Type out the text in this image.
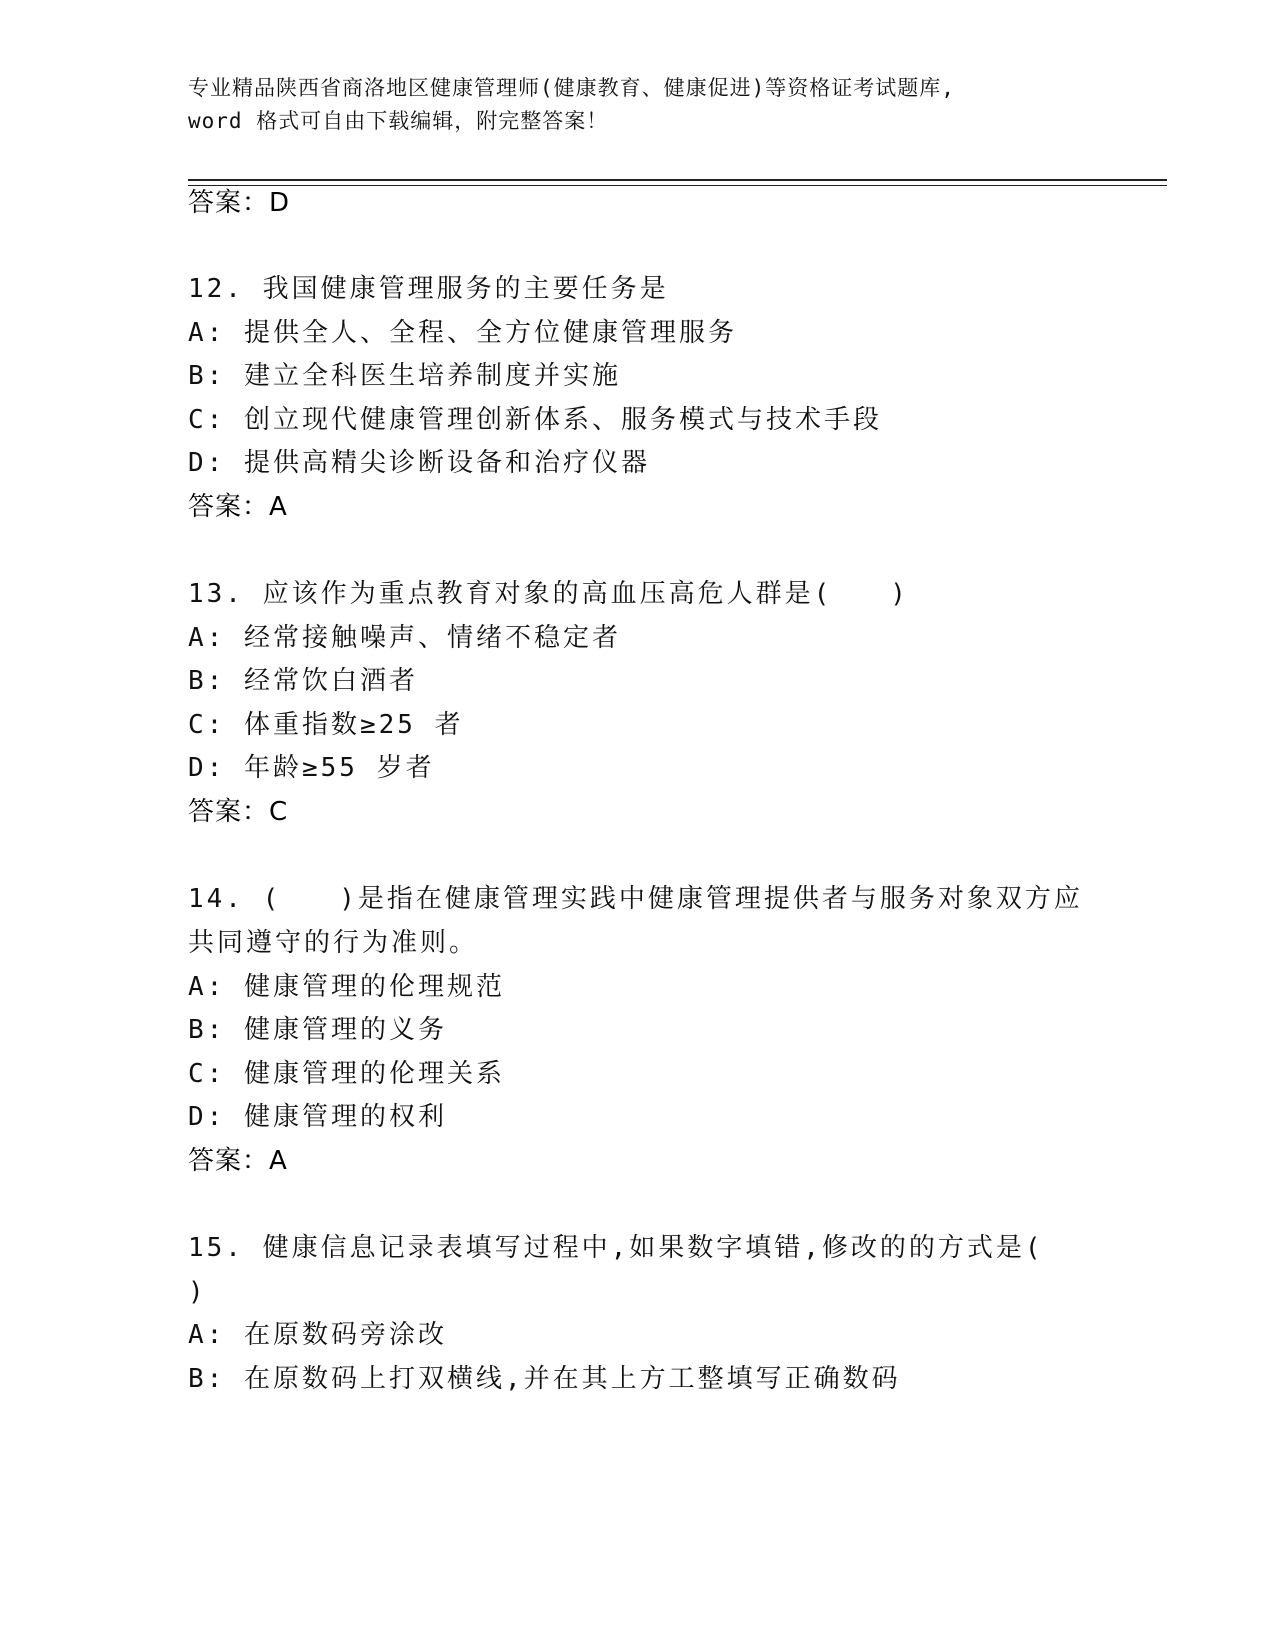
专业精品陕西省商洛地区健康管理师(健康教育、健康促进)等资格证考试题库,
word 格式可自由下载编辑，附完整答案！
答案：D
12. 我国健康管理服务的主要任务是
A: 提供全人、全程、全方位健康管理服务
B: 建立全科医生培养制度并实施
C: 创立现代健康管理创新体系、服务模式与技术手段
D: 提供高精尖诊断设备和治疗仪器
答案：A
13. 应该作为重点教育对象的高血压高危人群是(　　)
A: 经常接触噪声、情绪不稳定者
B: 经常饮白酒者
C: 体重指数≥25 者
D: 年龄≥55 岁者
答案：C
14. (　　)是指在健康管理实践中健康管理提供者与服务对象双方应
共同遵守的行为准则。
A: 健康管理的伦理规范
B: 健康管理的义务
C: 健康管理的伦理关系
D: 健康管理的权利
答案：A
15. 健康信息记录表填写过程中,如果数字填错,修改的的方式是(
)
A: 在原数码旁涂改
B: 在原数码上打双横线,并在其上方工整填写正确数码
